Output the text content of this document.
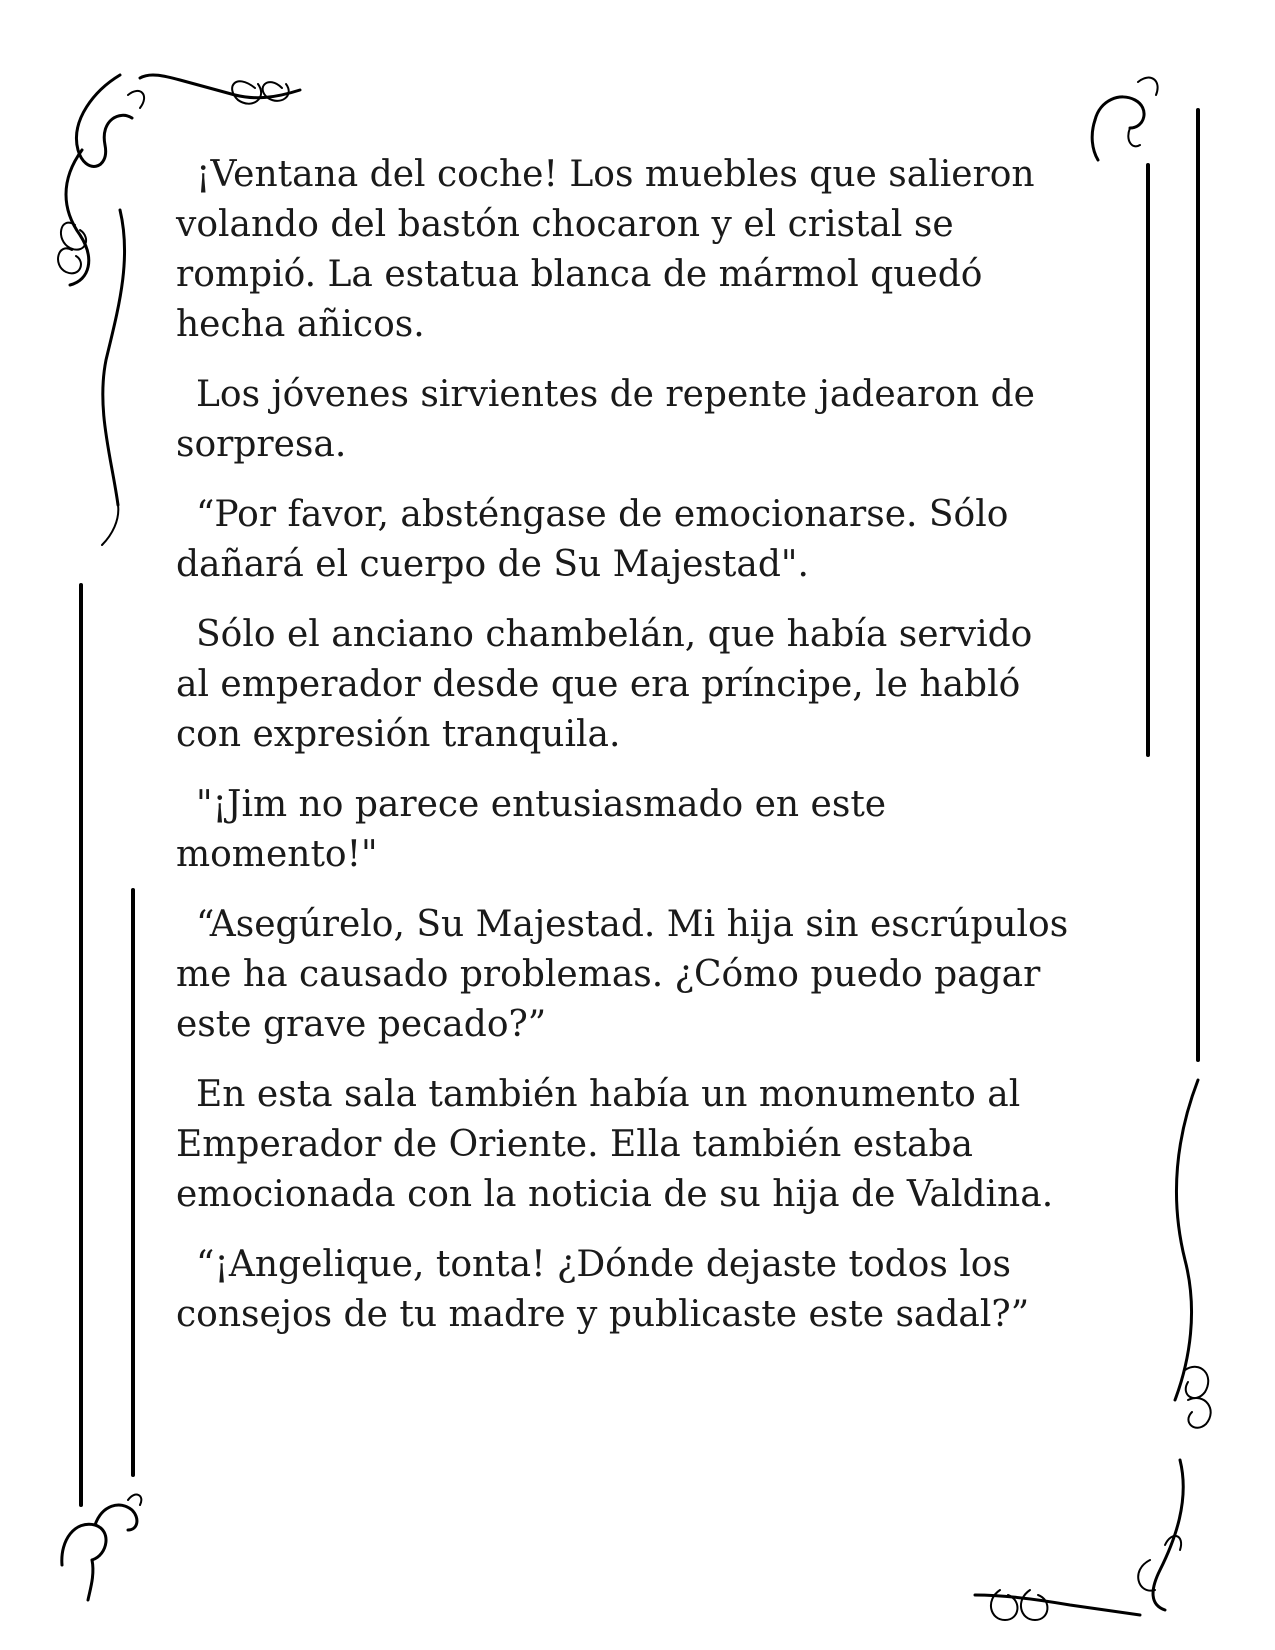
¡Ventana del coche! Los muebles que salieron volando del bastón chocaron y el cristal se rompió. La estatua blanca de mármol quedó hecha añicos.

Los jóvenes sirvientes de repente jadearon de sorpresa.

“Por favor, absténgase de emocionarse. Sólo dañará el cuerpo de Su Majestad".

Sólo el anciano chambelán, que había servido al emperador desde que era príncipe, le habló con expresión tranquila.

"¡Jim no parece entusiasmado en este momento!"

“Asegúrelo, Su Majestad. Mi hija sin escrúpulos me ha causado problemas. ¿Cómo puedo pagar este grave pecado?”

En esta sala también había un monumento al Emperador de Oriente. Ella también estaba emocionada con la noticia de su hija de Valdina.

“¡Angelique, tonta! ¿Dónde dejaste todos los consejos de tu madre y publicaste este sadal?”
